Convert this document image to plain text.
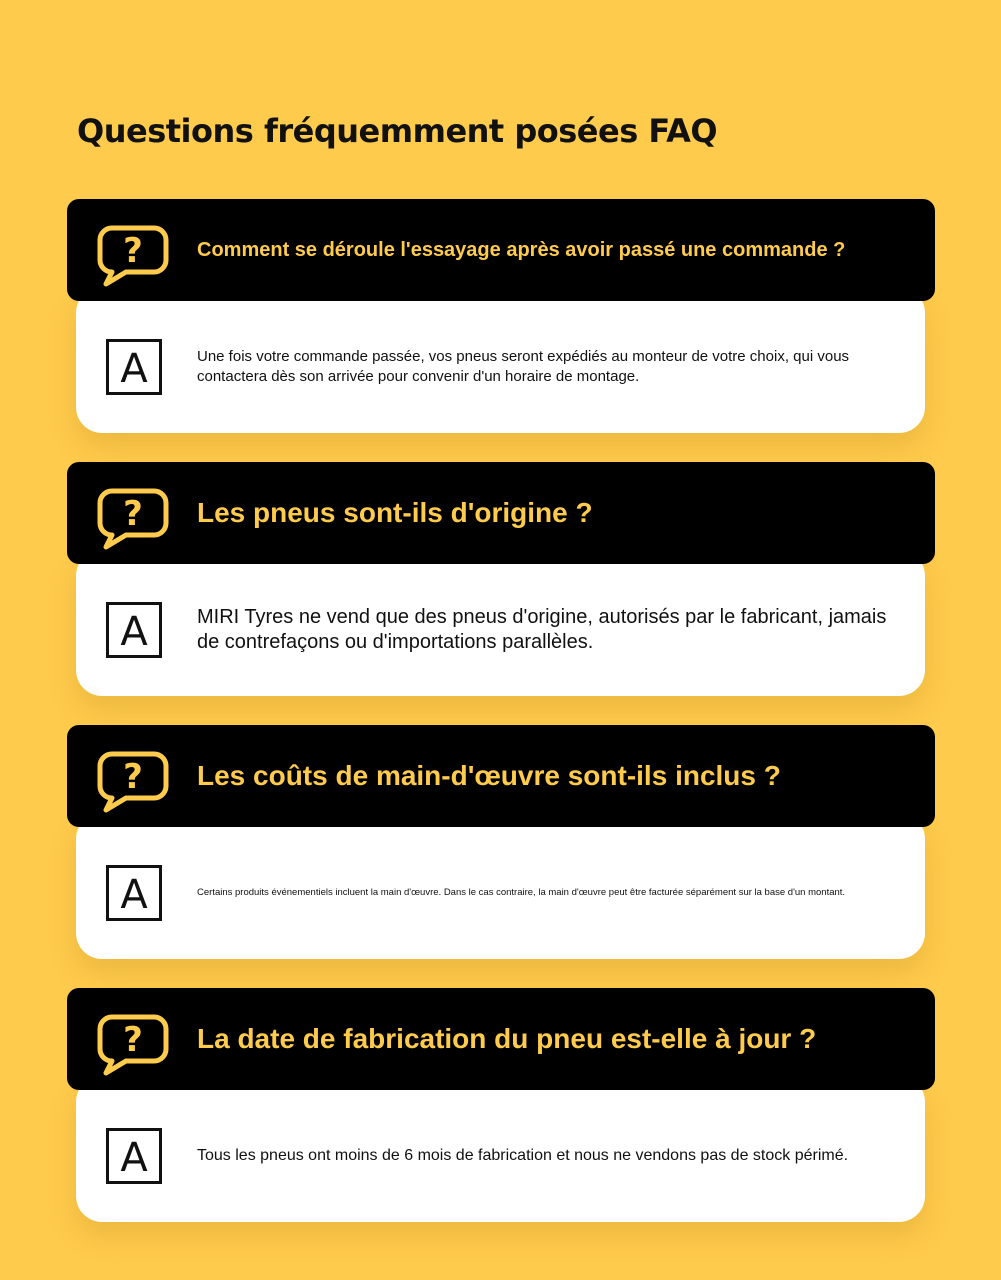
Questions fréquemment posées FAQ
?	Comment se déroule l'essayage après avoir passé une commande ?
A	Une fois votre commande passée, vos pneus seront expédiés au monteur de votre choix, qui vous contactera dès son arrivée pour convenir d'un horaire de montage.
? Les pneus sont-ils d'origine ?
A MIRI Tyres ne vend que des pneus d'origine, autorisés par le fabricant, jamais de contrefaçons ou d'importations parallèles.
? Les coûts de main-d'œuvre sont-ils inclus ?
A	Certains produits événementiels incluent la main d'œuvre. Dans le cas contraire, la main d'œuvre peut être facturée séparément sur la base d'un montant.
? La date de fabrication du pneu est-elle à jour ?
A	Tous les pneus ont moins de 6 mois de fabrication et nous ne vendons pas de stock périmé.
